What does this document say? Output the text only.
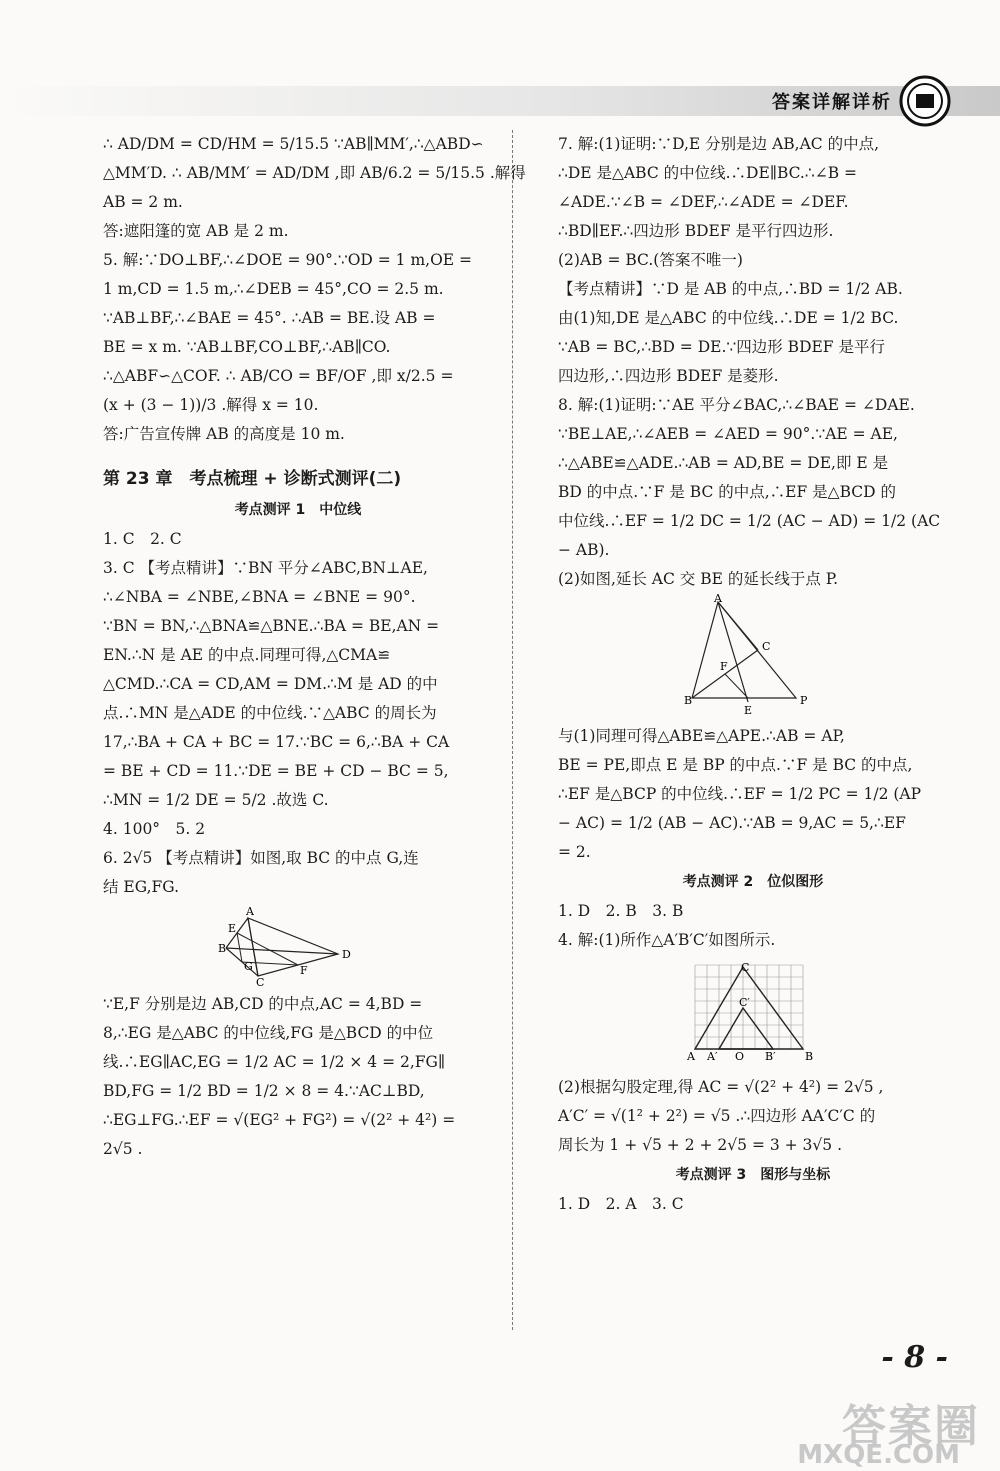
答案详解详析
∴ AD/DM = CD/HM = 5/15.5 ∵AB∥MM′,∴△ABD∽
△MM′D. ∴ AB/MM′ = AD/DM ,即 AB/6.2 = 5/15.5 .解得
AB = 2 m.
答:遮阳篷的宽 AB 是 2 m.
5. 解:∵DO⊥BF,∴∠DOE = 90°.∵OD = 1 m,OE =
1 m,CD = 1.5 m,∴∠DEB = 45°,CO = 2.5 m.
∵AB⊥BF,∴∠BAE = 45°. ∴AB = BE.设 AB =
BE = x m. ∵AB⊥BF,CO⊥BF,∴AB∥CO.
∴△ABF∽△COF. ∴ AB/CO = BF/OF ,即 x/2.5 =
(x + (3 − 1))/3 .解得 x = 10.
答:广告宣传牌 AB 的高度是 10 m.
第 23 章　考点梳理 + 诊断式测评(二)
考点测评 1　中位线
1. C　2. C
3. C 【考点精讲】∵BN 平分∠ABC,BN⊥AE,
∴∠NBA = ∠NBE,∠BNA = ∠BNE = 90°.
∵BN = BN,∴△BNA≌△BNE.∴BA = BE,AN =
EN.∴N 是 AE 的中点.同理可得,△CMA≌
△CMD.∴CA = CD,AM = DM.∴M 是 AD 的中
点.∴MN 是△ADE 的中位线.∵△ABC 的周长为
17,∴BA + CA + BC = 17.∵BC = 6,∴BA + CA
= BE + CD = 11.∵DE = BE + CD − BC = 5,
∴MN = 1/2 DE = 5/2 .故选 C.
4. 100°　5. 2
6. 2√5 【考点精讲】如图,取 BC 的中点 G,连
结 EG,FG.
A
E
B
F
D
G
C
∵E,F 分别是边 AB,CD 的中点,AC = 4,BD =
8,∴EG 是△ABC 的中位线,FG 是△BCD 的中位
线.∴EG∥AC,EG = 1/2 AC = 1/2 × 4 = 2,FG∥
BD,FG = 1/2 BD = 1/2 × 8 = 4.∵AC⊥BD,
∴EG⊥FG.∴EF = √(EG² + FG²) = √(2² + 4²) =
2√5 .
7. 解:(1)证明:∵D,E 分别是边 AB,AC 的中点,
∴DE 是△ABC 的中位线.∴DE∥BC.∴∠B =
∠ADE.∵∠B = ∠DEF,∴∠ADE = ∠DEF.
∴BD∥EF.∴四边形 BDEF 是平行四边形.
(2)AB = BC.(答案不唯一)
【考点精讲】∵D 是 AB 的中点,∴BD = 1/2 AB.
由(1)知,DE 是△ABC 的中位线.∴DE = 1/2 BC.
∵AB = BC,∴BD = DE.∵四边形 BDEF 是平行
四边形,∴四边形 BDEF 是菱形.
8. 解:(1)证明:∵AE 平分∠BAC,∴∠BAE = ∠DAE.
∵BE⊥AE,∴∠AEB = ∠AED = 90°.∵AE = AE,
∴△ABE≌△ADE.∴AB = AD,BE = DE,即 E 是
BD 的中点.∵F 是 BC 的中点,∴EF 是△BCD 的
中位线.∴EF = 1/2 DC = 1/2 (AC − AD) = 1/2 (AC
− AB).
(2)如图,延长 AC 交 BE 的延长线于点 P.
A
C
F
B
E
P
与(1)同理可得△ABE≌△APE.∴AB = AP,
BE = PE,即点 E 是 BP 的中点.∵F 是 BC 的中点,
∴EF 是△BCP 的中位线.∴EF = 1/2 PC = 1/2 (AP
− AC) = 1/2 (AB − AC).∵AB = 9,AC = 5,∴EF
= 2.
考点测评 2　位似图形
1. D　2. B　3. B
4. 解:(1)所作△A′B′C′如图所示.
C
C′
A A′ O B′	B
(2)根据勾股定理,得 AC = √(2² + 4²) = 2√5 ,
A′C′ = √(1² + 2²) = √5 .∴四边形 AA′C′C 的
周长为 1 + √5 + 2 + 2√5 = 3 + 3√5 .
考点测评 3　图形与坐标
1. D　2. A　3. C
- 8 -
答案圈
MXQE.COM
